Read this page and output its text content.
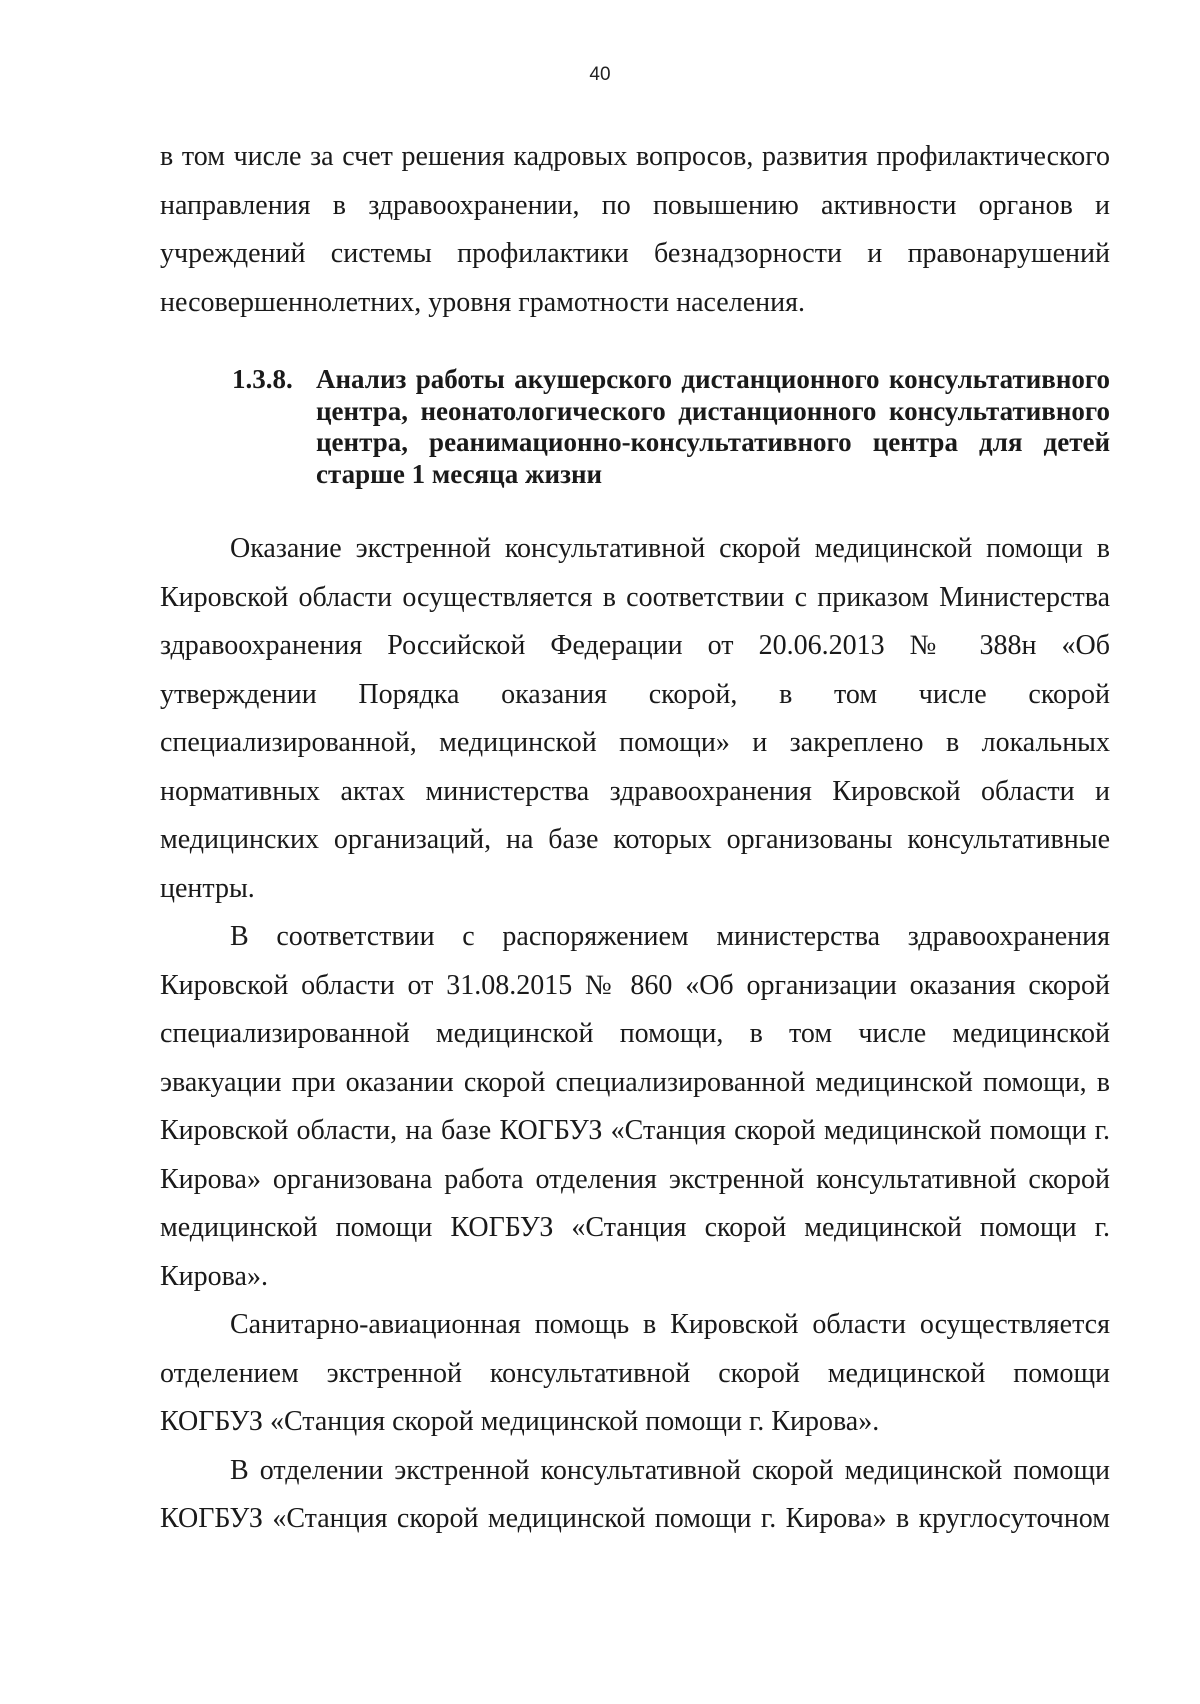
40

в том числе за счет решения кадровых вопросов, развития профилактического направления в здравоохранении, по повышению активности органов и учреждений системы профилактики безнадзорности и правонарушений несовершеннолетних, уровня грамотности населения.

1.3.8. Анализ работы акушерского дистанционного консультативного центра, неонатологического дистанционного консультативного центра, реанимационно-консультативного центра для детей старше 1 месяца жизни

Оказание экстренной консультативной скорой медицинской помощи в Кировской области осуществляется в соответствии с приказом Министерства здравоохранения Российской Федерации от 20.06.2013 № 388н «Об утверждении Порядка оказания скорой, в том числе скорой специализированной, медицинской помощи» и закреплено в локальных нормативных актах министерства здравоохранения Кировской области и медицинских организаций, на базе которых организованы консультативные центры.

В соответствии с распоряжением министерства здравоохранения Кировской области от 31.08.2015 № 860 «Об организации оказания скорой специализированной медицинской помощи, в том числе медицинской эвакуации при оказании скорой специализированной медицинской помощи, в Кировской области, на базе КОГБУЗ «Станция скорой медицинской помощи г. Кирова» организована работа отделения экстренной консультативной скорой медицинской помощи КОГБУЗ «Станция скорой медицинской помощи г. Кирова».

Санитарно-авиационная помощь в Кировской области осуществляется отделением экстренной консультативной скорой медицинской помощи КОГБУЗ «Станция скорой медицинской помощи г. Кирова».

В отделении экстренной консультативной скорой медицинской помощи КОГБУЗ «Станция скорой медицинской помощи г. Кирова» в круглосуточном
